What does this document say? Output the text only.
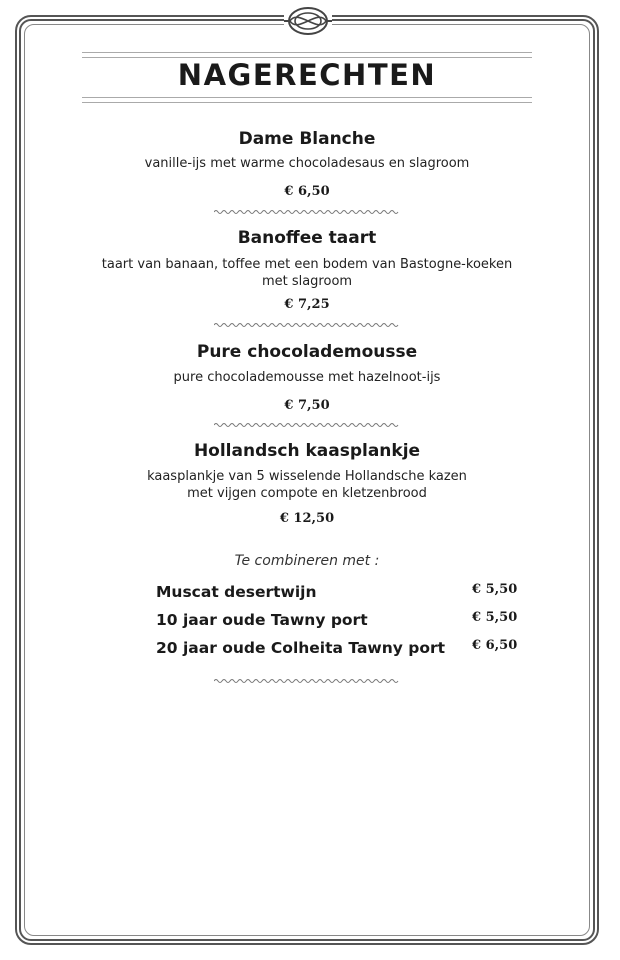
NAGERECHTEN
Dame Blanche
vanille-ijs met warme chocoladesaus en slagroom
€ 6,50
Banoffee taart
taart van banaan, toffee met een bodem van Bastogne-koeken
met slagroom
€ 7,25
Pure chocolademousse
pure chocolademousse met hazelnoot-ijs
€ 7,50
Hollandsch kaasplankje
kaasplankje van 5 wisselende Hollandsche kazen
met vijgen compote en kletzenbrood
€ 12,50
Te combineren met :
Muscat desertwijn	€ 5,50
10 jaar oude Tawny port	€ 5,50
20 jaar oude Colheita Tawny port € 6,50
